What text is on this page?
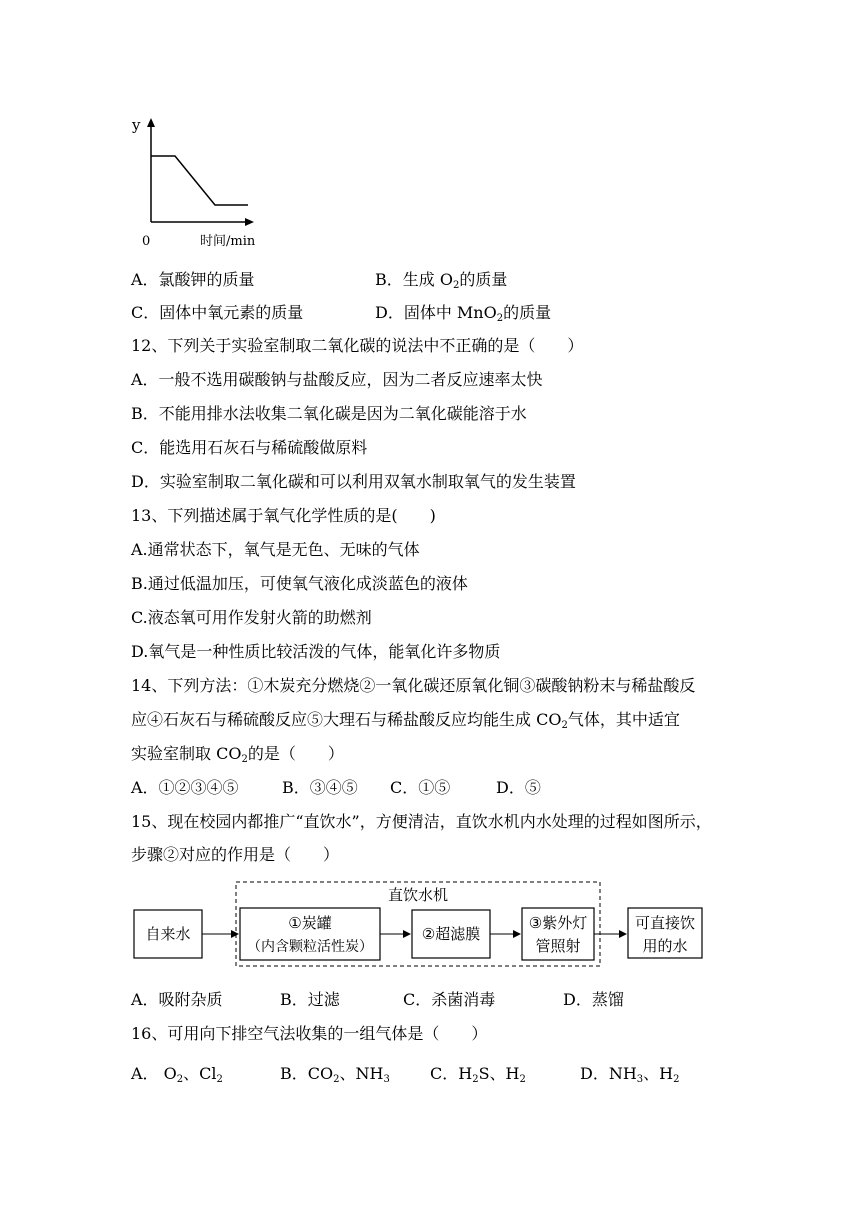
y
0	时间/min
A．氯酸钾的质量	B．生成 $O_2$的质量
C．固体中氧元素的质量	D．固体中 MnO$_2$的质量
12、下列关于实验室制取二氧化碳的说法中不正确的是（　　）
A．一般不选用碳酸钠与盐酸反应，因为二者反应速率太快
B．不能用排水法收集二氧化碳是因为二氧化碳能溶于水
C．能选用石灰石与稀硫酸做原料
D．实验室制取二氧化碳和可以利用双氧水制取氧气的发生装置
13、下列描述属于氧气化学性质的是(　　)
A.通常状态下，氧气是无色、无味的气体
B.通过低温加压，可使氧气液化成淡蓝色的液体
C.液态氧可用作发射火箭的助燃剂
D.氧气是一种性质比较活泼的气体，能氧化许多物质
14、下列方法：①木炭充分燃烧②一氧化碳还原氧化铜③碳酸钠粉末与稀盐酸反
应④石灰石与稀硫酸反应⑤大理石与稀盐酸反应均能生成 $CO_2$气体，其中适宜
实验室制取 $CO_2$的是（　　）
A．①②③④⑤	B．③④⑤ C．①⑤	D．⑤
15、现在校园内都推广“直饮水”，方便清洁，直饮水机内水处理的过程如图所示，
步骤②对应的作用是（　　）
直饮水机
自来水
①炭罐
（内含颗粒活性炭）
②超滤膜
③紫外灯
管照射
可直接饮
用的水
A．吸附杂质	B．过滤	C．杀菌消毒	D．蒸馏
16、可用向下排空气法收集的一组气体是（　　）
A． $O_2$、$Cl_2$	B．$CO_2$、$NH_3$	C．$H_2S$、$H_2$	D．$NH_3$、$H_2$
